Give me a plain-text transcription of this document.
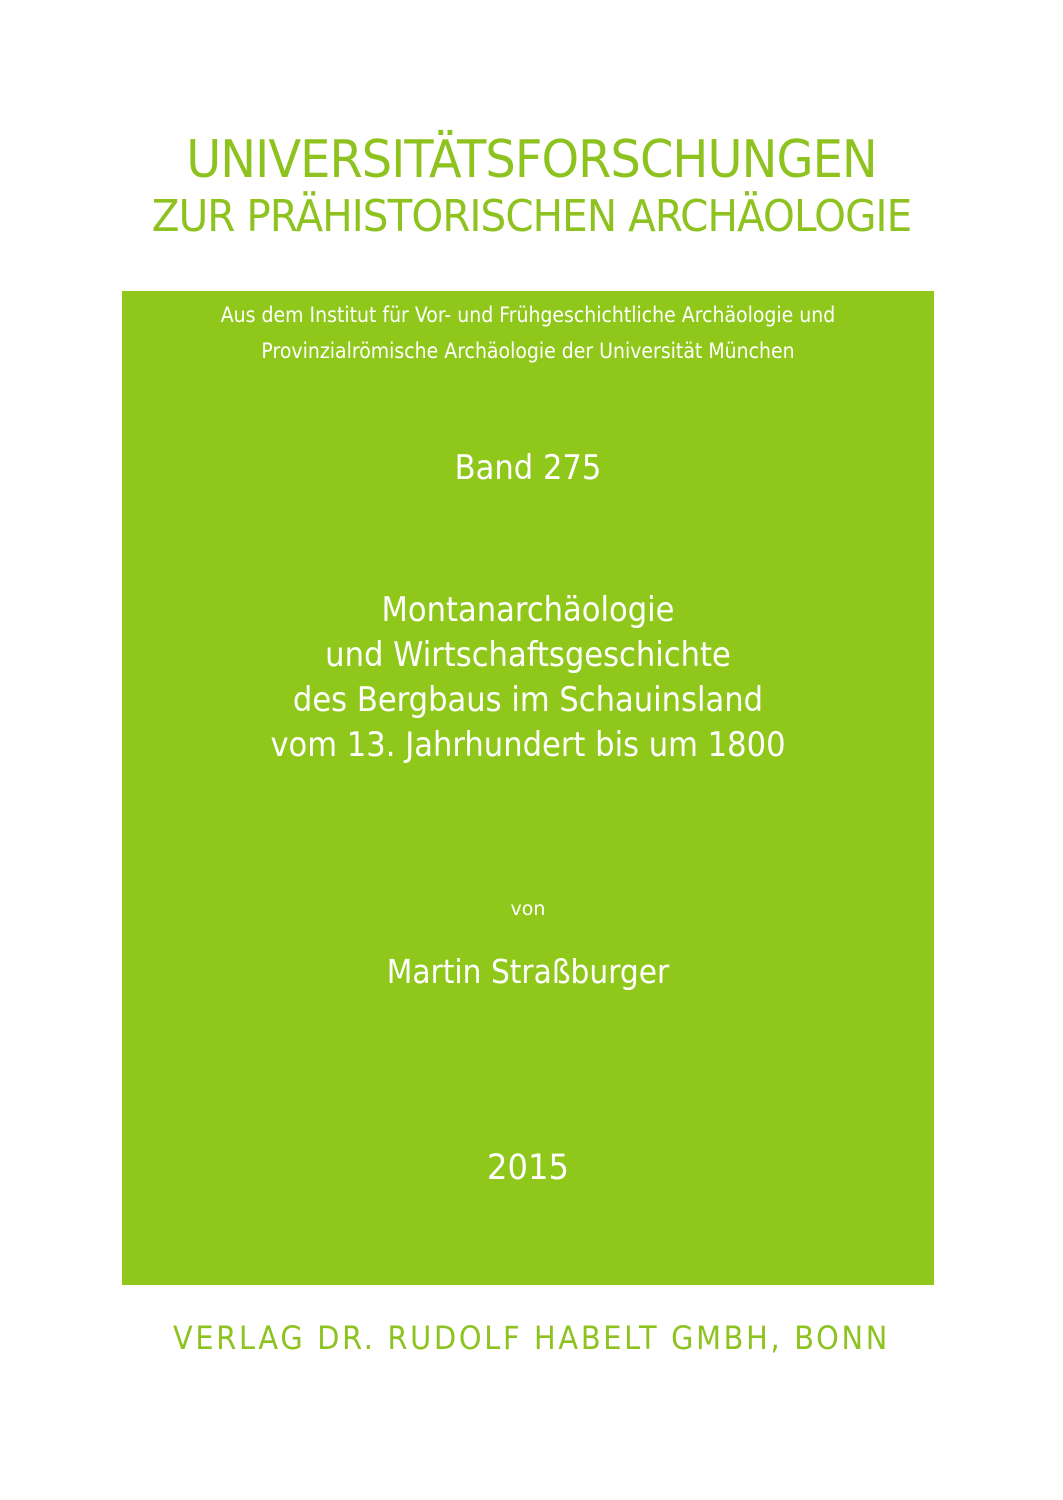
UNIVERSITÄTSFORSCHUNGEN
ZUR PRÄHISTORISCHEN ARCHÄOLOGIE
Aus dem Institut für Vor- und Frühgeschichtliche Archäologie und
Provinzialrömische Archäologie der Universität München
Band 275
Montanarchäologie
und Wirtschaftsgeschichte
des Bergbaus im Schauinsland
vom 13. Jahrhundert bis um 1800
von
Martin Straßburger
2015
VERLAG DR. RUDOLF HABELT GMBH, BONN
